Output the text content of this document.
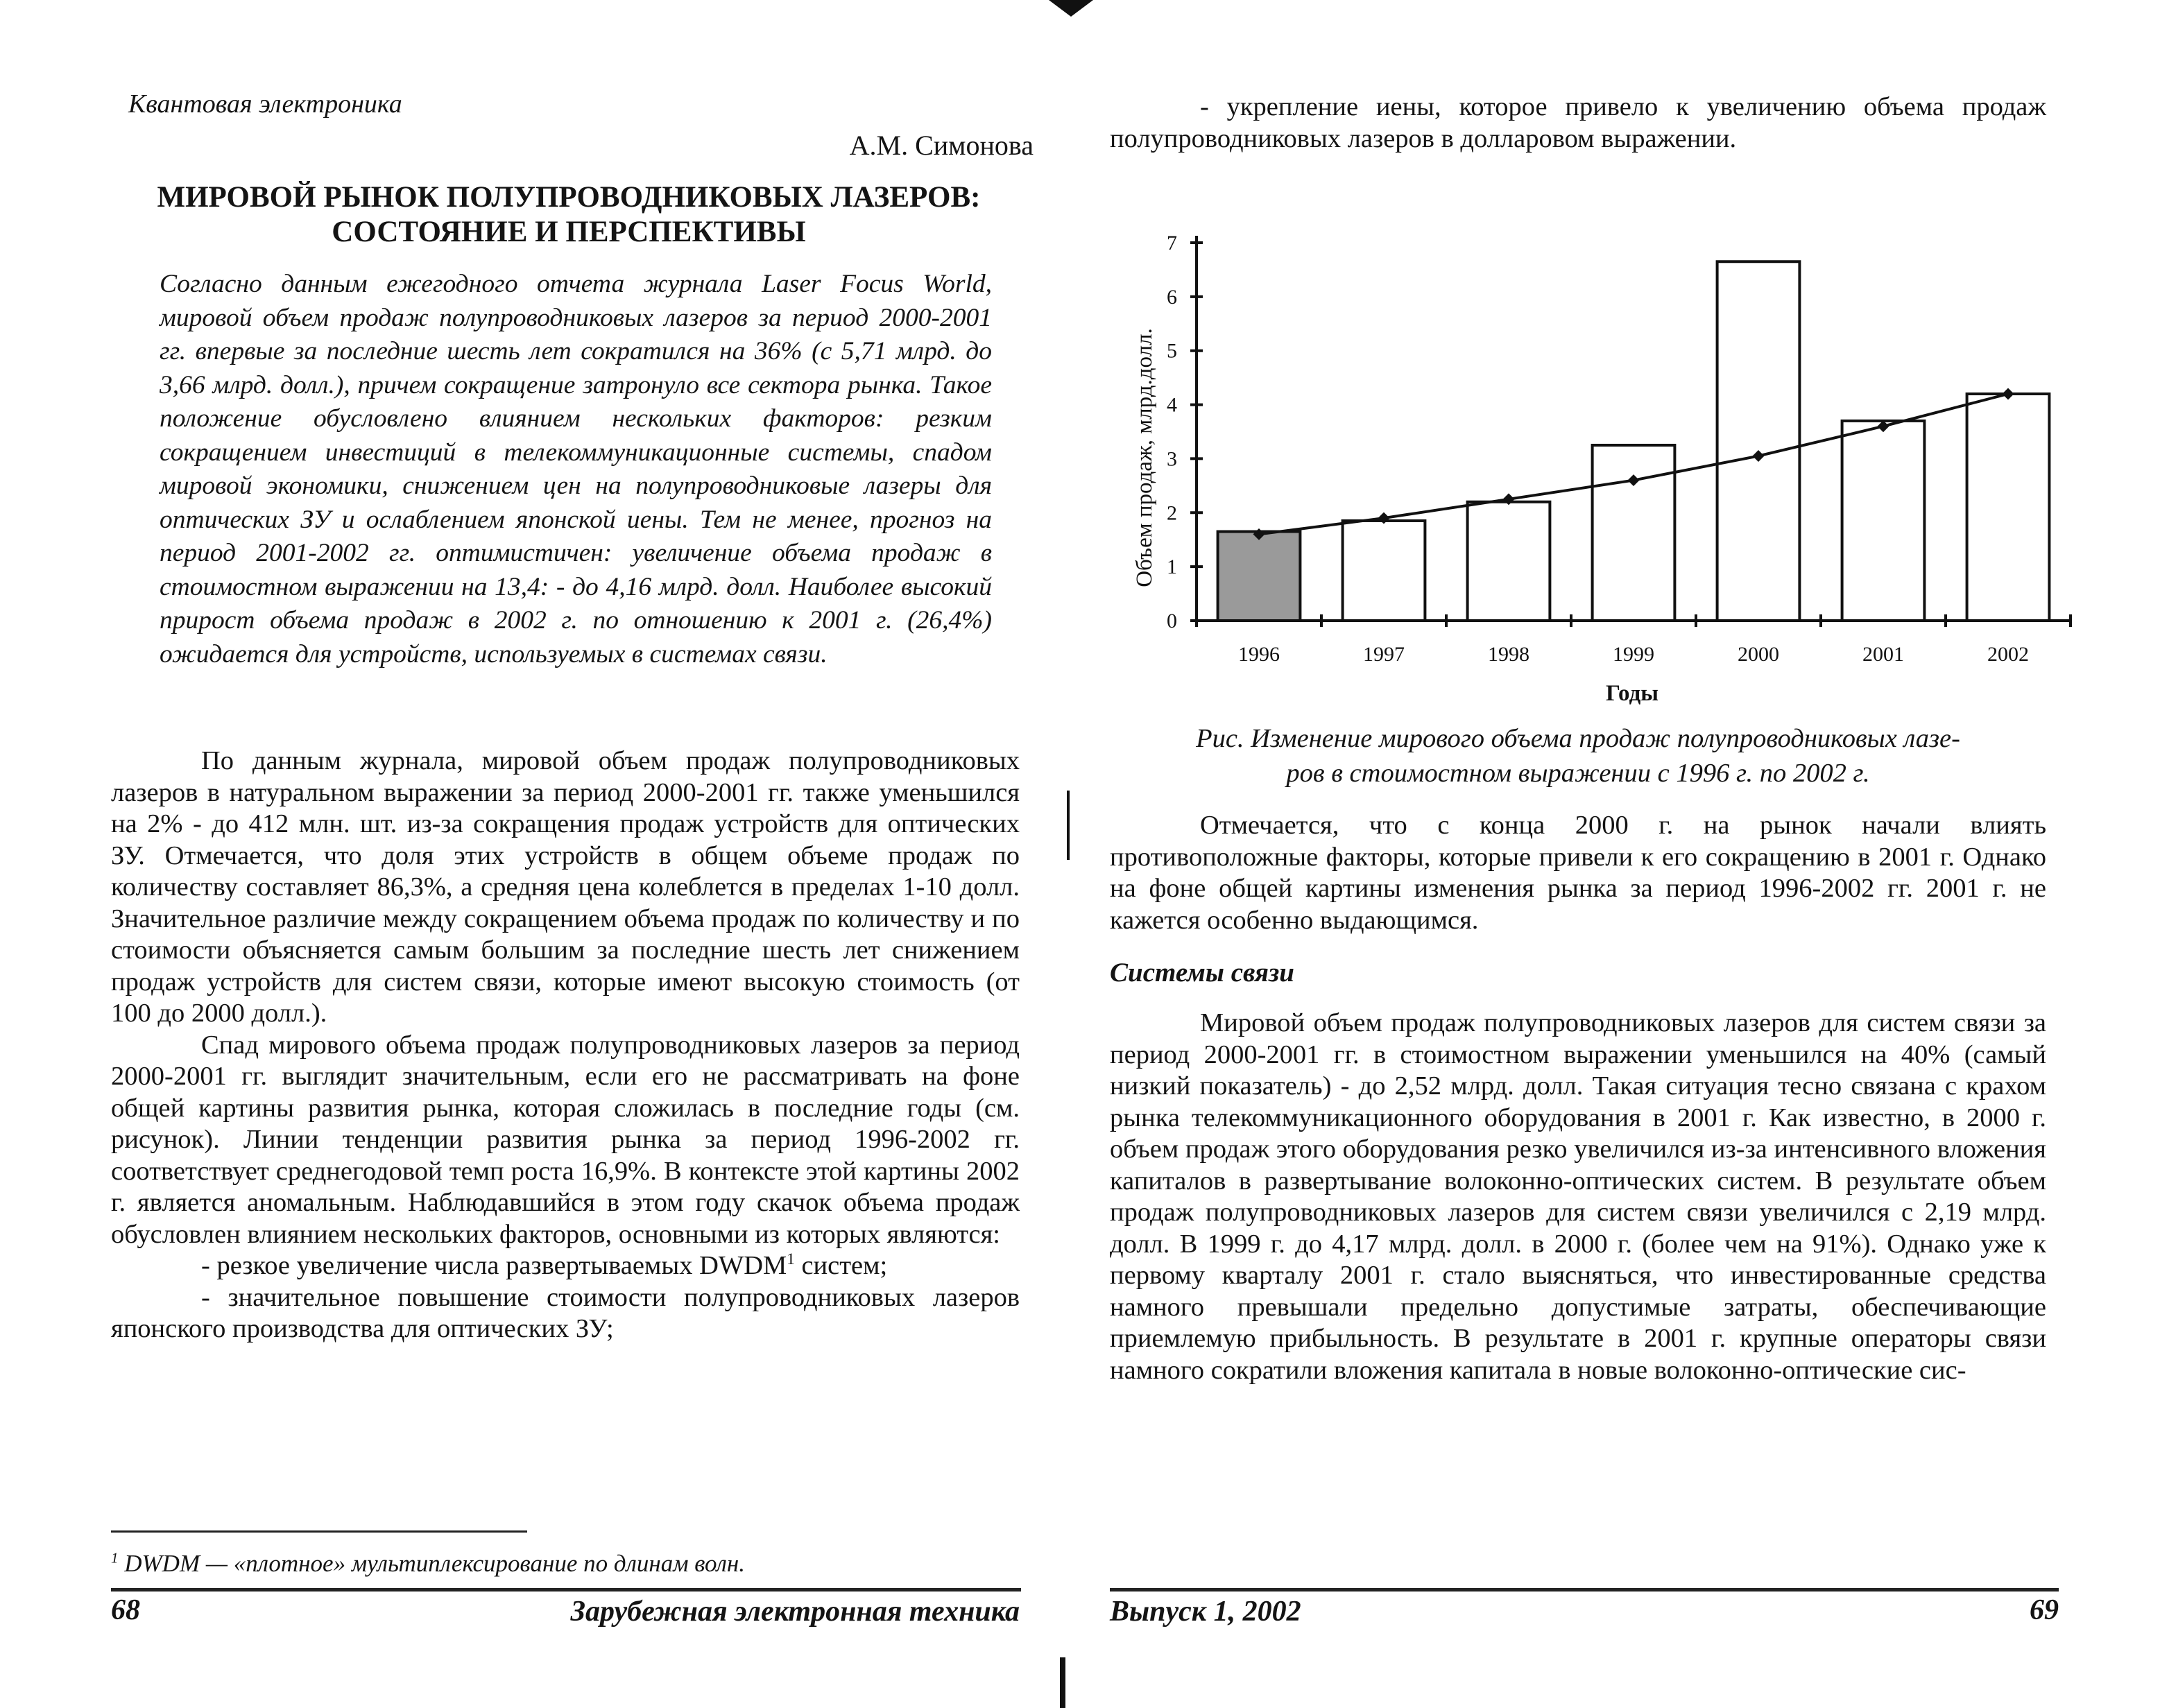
Квантовая электроника
А.М. Симонова
МИРОВОЙ РЫНОК ПОЛУПРОВОДНИКОВЫХ ЛАЗЕРОВ:
СОСТОЯНИЕ И ПЕРСПЕКТИВЫ
Согласно данным ежегодного отчета журнала Laser Focus World, мировой объем продаж полупроводниковых лазеров за период 2000-2001 гг. впервые за последние шесть лет сократился на 36% (с 5,71 млрд. до 3,66 млрд. долл.), причем сокращение затронуло все сектора рынка. Такое положение обусловлено влиянием нескольких факторов: резким сокращением инвестиций в телекоммуникационные системы, спадом мировой экономики, снижением цен на полупроводниковые лазеры для оптических ЗУ и ослаблением японской иены. Тем не менее, прогноз на период 2001-2002 гг. оптимистичен: увеличение объема продаж в стоимостном выражении на 13,4: - до 4,16 млрд. долл. Наиболее высокий прирост объема продаж в 2002 г. по отношению к 2001 г. (26,4%) ожидается для устройств, используемых в системах связи.

По данным журнала, мировой объем продаж полупроводниковых лазеров в натуральном выражении за период 2000-2001 гг. также уменьшился на 2% - до 412 млн. шт. из-за сокращения продаж устройств для оптических ЗУ. Отмечается, что доля этих устройств в общем объеме продаж по количеству составляет 86,3%, а средняя цена колеблется в пределах 1-10 долл. Значительное различие между сокращением объема продаж по количеству и по стоимости объясняется самым большим за последние шесть лет снижением продаж устройств для систем связи, которые имеют высокую стоимость (от 100 до 2000 долл.).

Спад мирового объема продаж полупроводниковых лазеров за период 2000-2001 гг. выглядит значительным, если его не рассматривать на фоне общей картины развития рынка, которая сложилась в последние годы (см. рисунок). Линии тенденции развития рынка за период 1996-2002 гг. соответствует среднегодовой темп роста 16,9%. В контексте этой картины 2002 г. является аномальным. Наблюдавшийся в этом году скачок объема продаж обусловлен влиянием нескольких факторов, основными из которых являются:

- резкое увеличение числа развертываемых DWDM$^1$ систем;

- значительное повышение стоимости полупроводниковых лазеров японского производства для оптических ЗУ;

$^1$ DWDM — «плотное» мультиплексирование по длинам волн.
68	Зарубежная электронная техника

- укрепление иены, которое привело к увеличению объема продаж полупроводниковых лазеров в долларовом выражении.

0
1
2
3
4
5
6
7
1996	1997	1998	1999	2000	2001	2002
Объем продаж, млрд.долл.
Годы
Рис. Изменение мирового объема продаж полупроводниковых лазе-
ров в стоимостном выражении с 1996 г. по 2002 г.

Отмечается, что с конца 2000 г. на рынок начали влиять противоположные факторы, которые привели к его сокращению в 2001 г. Однако на фоне общей картины изменения рынка за период 1996-2002 гг. 2001 г. не кажется особенно выдающимся.

Системы связи

Мировой объем продаж полупроводниковых лазеров для систем связи за период 2000-2001 гг. в стоимостном выражении уменьшился на 40% (самый низкий показатель) - до 2,52 млрд. долл. Такая ситуация тесно связана с крахом рынка телекоммуникационного оборудования в 2001 г. Как известно, в 2000 г. объем продаж этого оборудования резко увеличился из-за интенсивного вложения капиталов в развертывание волоконно-оптических систем. В результате объем продаж полупроводниковых лазеров для систем связи увеличился с 2,19 млрд. долл. В 1999 г. до 4,17 млрд. долл. в 2000 г. (более чем на 91%). Однако уже к первому кварталу 2001 г. стало выясняться, что инвестированные средства намного превышали предельно допустимые затраты, обеспечивающие приемлемую прибыльность. В результате в 2001 г. крупные операторы связи намного сократили вложения капитала в новые волоконно-оптические сис-

Выпуск 1, 2002	69
